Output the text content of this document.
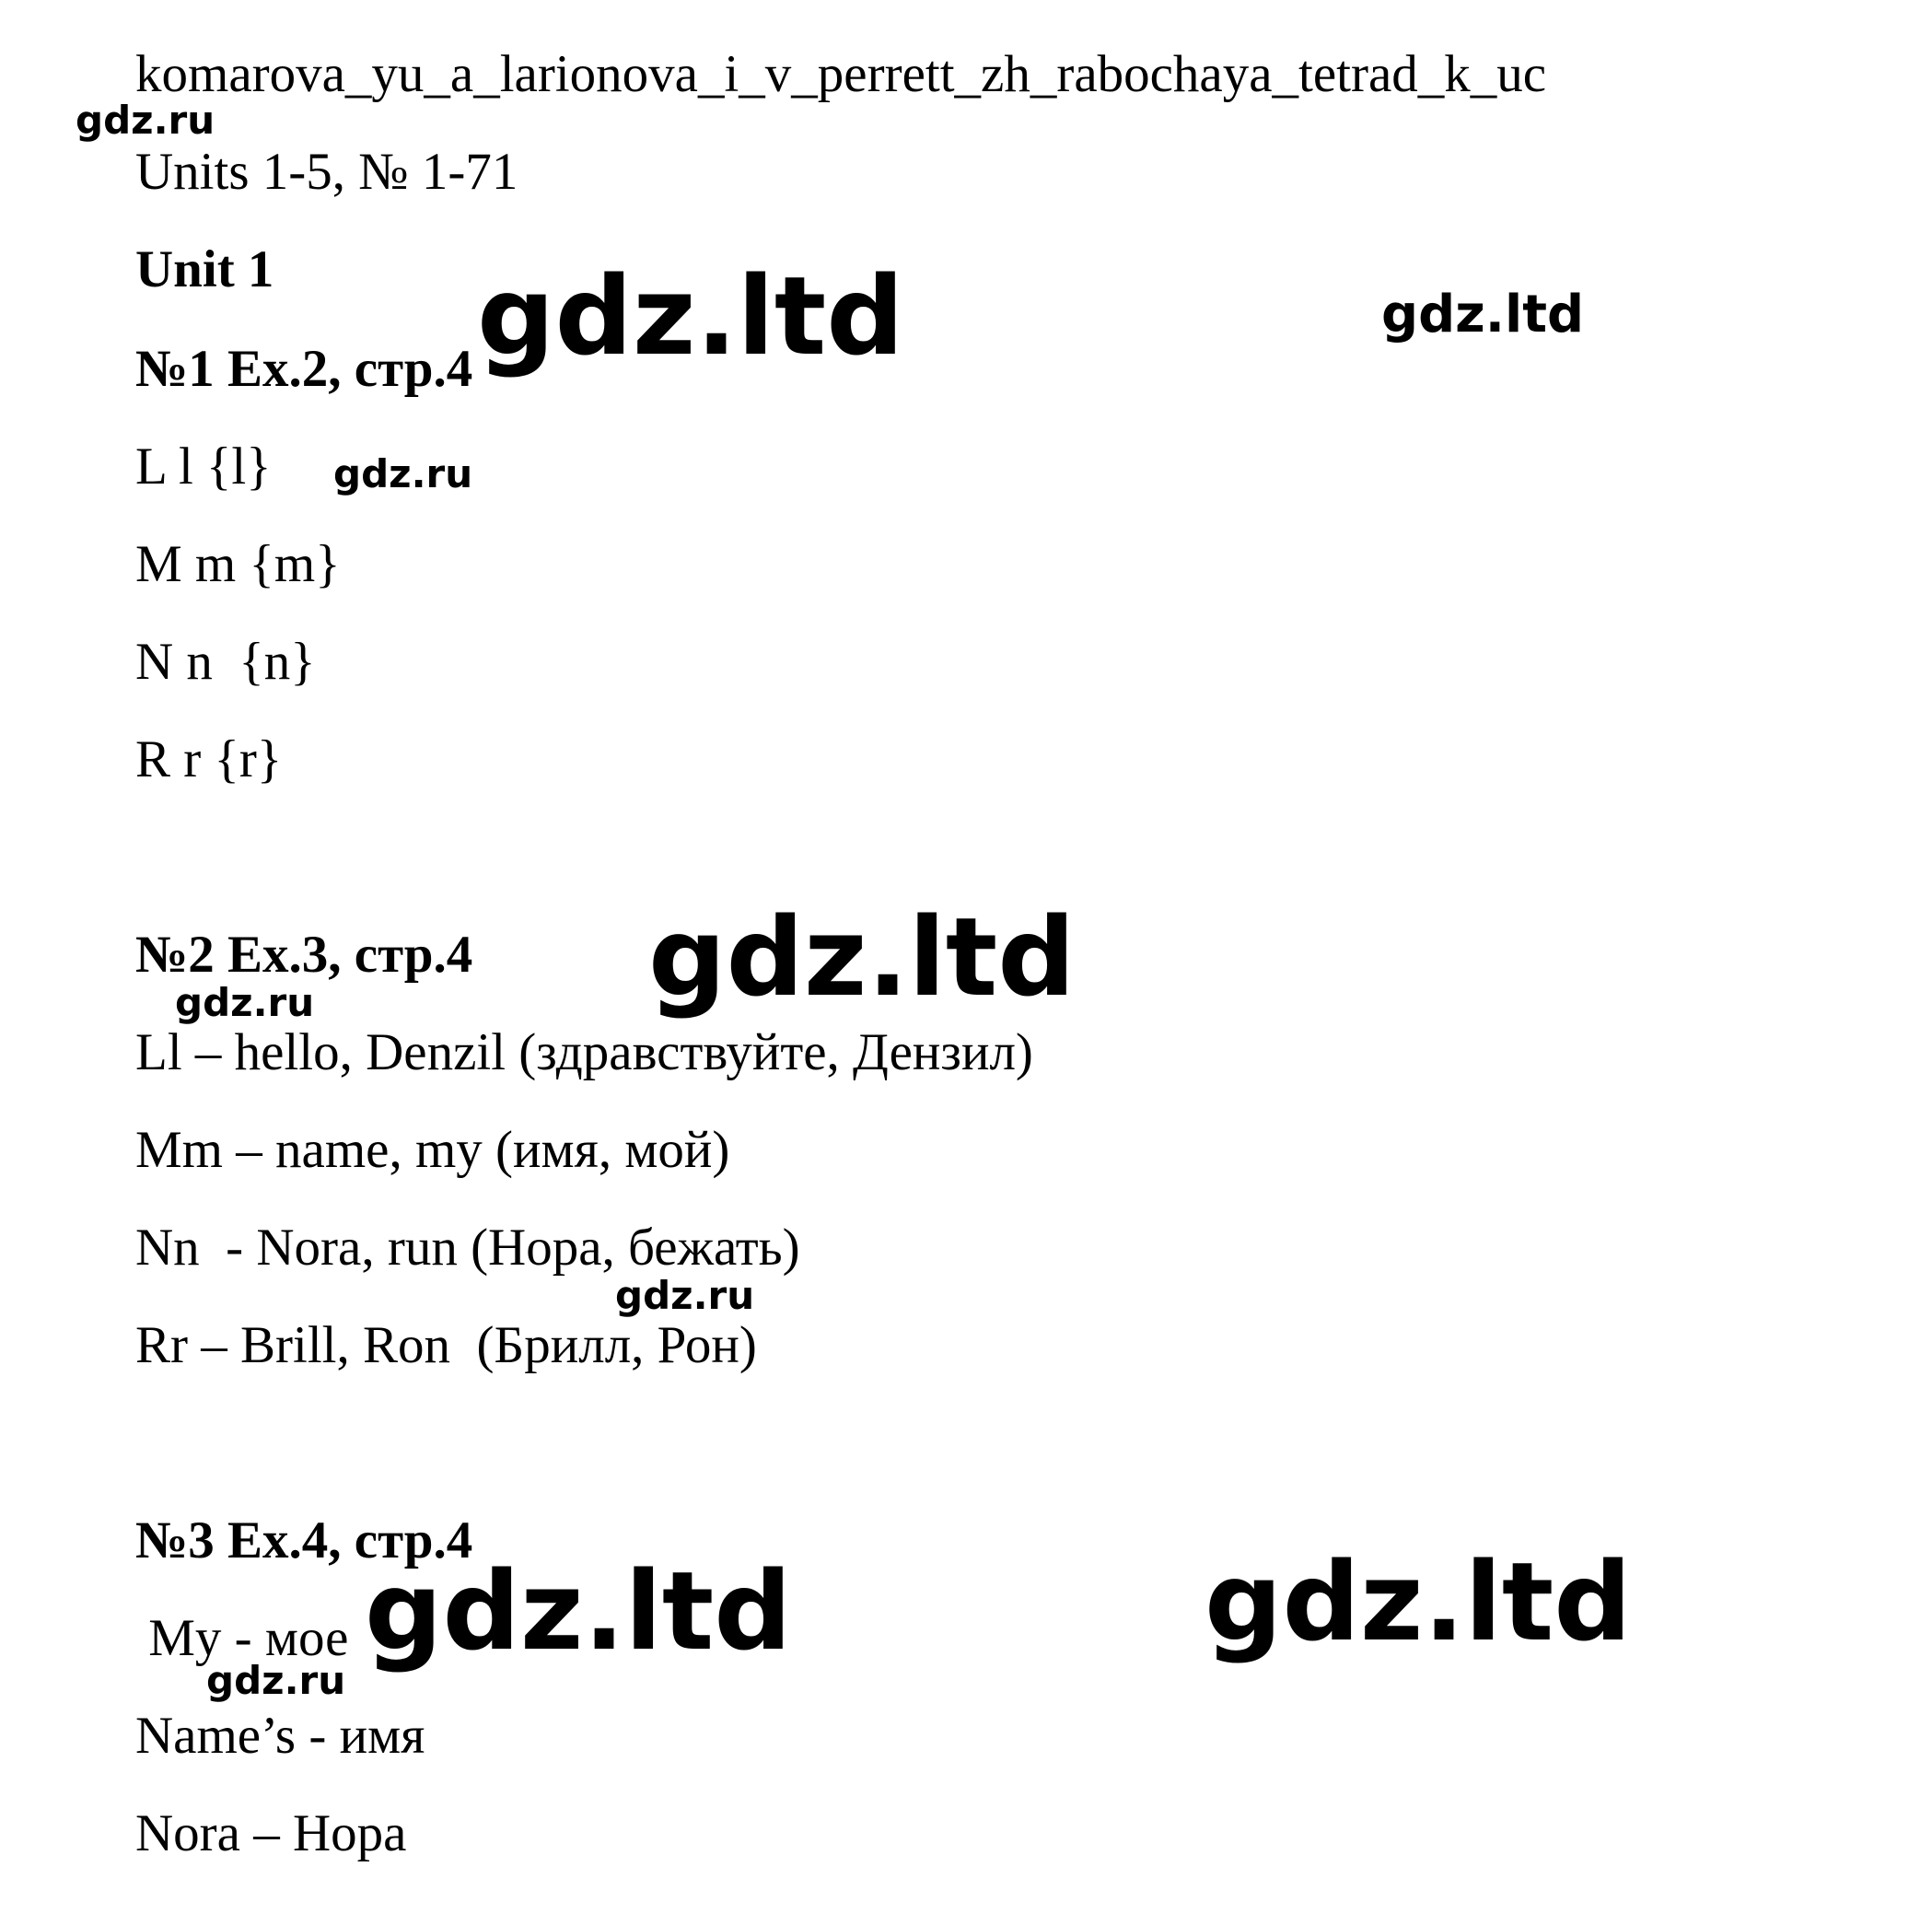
komarova_yu_a_larionova_i_v_perrett_zh_rabochaya_tetrad_k_uc
Units 1-5, № 1-71
Unit 1
№1 Ex.2, стр.4
L l {l}
M m {m}
N n  {n}
R r {r}
№2 Ex.3, стр.4
Ll – hello, Denzil (здравствуйте, Дензил)
Mm – name, my (имя, мой)
Nn  - Nora, run (Нора, бежать)
Rr – Brill, Ron  (Брилл, Рон)
№3 Ex.4, стр.4
My - мое
Name’s - имя
Nora – Нора
gdz.ru
gdz.ru
gdz.ru
gdz.ru
gdz.ru
gdz.ltd	gdz.ltd
gdz.ltd
gdz.ltd	gdz.ltd
